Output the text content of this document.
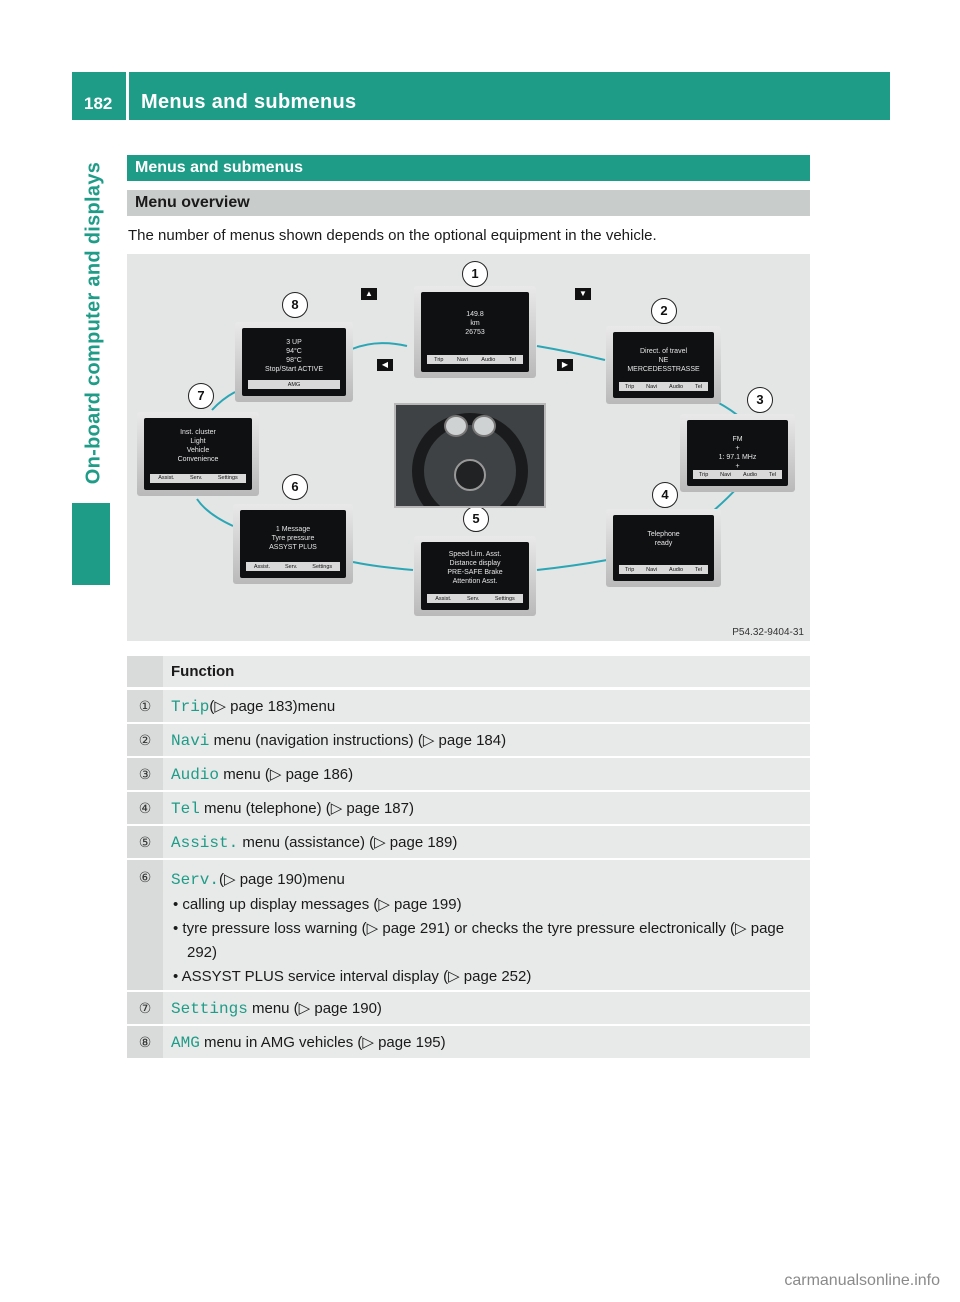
182	Menus and submenus
On-board computer and displays	Menus and submenus
Menu overview
The number of menus shown depends on the optional equipment in the vehicle.
149.8
km
26753
Trip Navi Audio Tel
1
Direct. of travel
NE
MERCEDESSTRASSE
Trip Navi Audio Tel
2
FM
+
1: 97.1 MHz
+
Trip Navi Audio Tel
3
Telephone
ready
Trip Navi Audio Tel
4
Speed Lim. Asst.
Distance display
PRE-SAFE Brake
Attention Asst.
Assist.	Serv.	Settings
5
1 Message
Tyre pressure
ASSYST PLUS
Assist.	Serv.	Settings
6
Inst. cluster
Light
Vehicle
Convenience
Assist.	Serv.	Settings
7
3 UP
94°C
98°C
Stop/Start ACTIVE
AMG
8
▲	▼
◀	▶
P54.32-9404-31
Function
①	Trip(▷ page 183)menu
②	Navi menu (navigation instructions) (▷ page 184)
③	Audio menu (▷ page 186)
④	Tel menu (telephone) (▷ page 187)
⑤	Assist. menu (assistance) (▷ page 189)
⑥	Serv.(▷ page 190)menu
• calling up display messages (▷ page 199)
• tyre pressure loss warning (▷ page 291) or checks the tyre pressure electronically (▷ page 292)
• ASSYST PLUS service interval display (▷ page 252)
⑦	Settings menu (▷ page 190)
⑧	AMG menu in AMG vehicles (▷ page 195)
carmanualsonline.info
